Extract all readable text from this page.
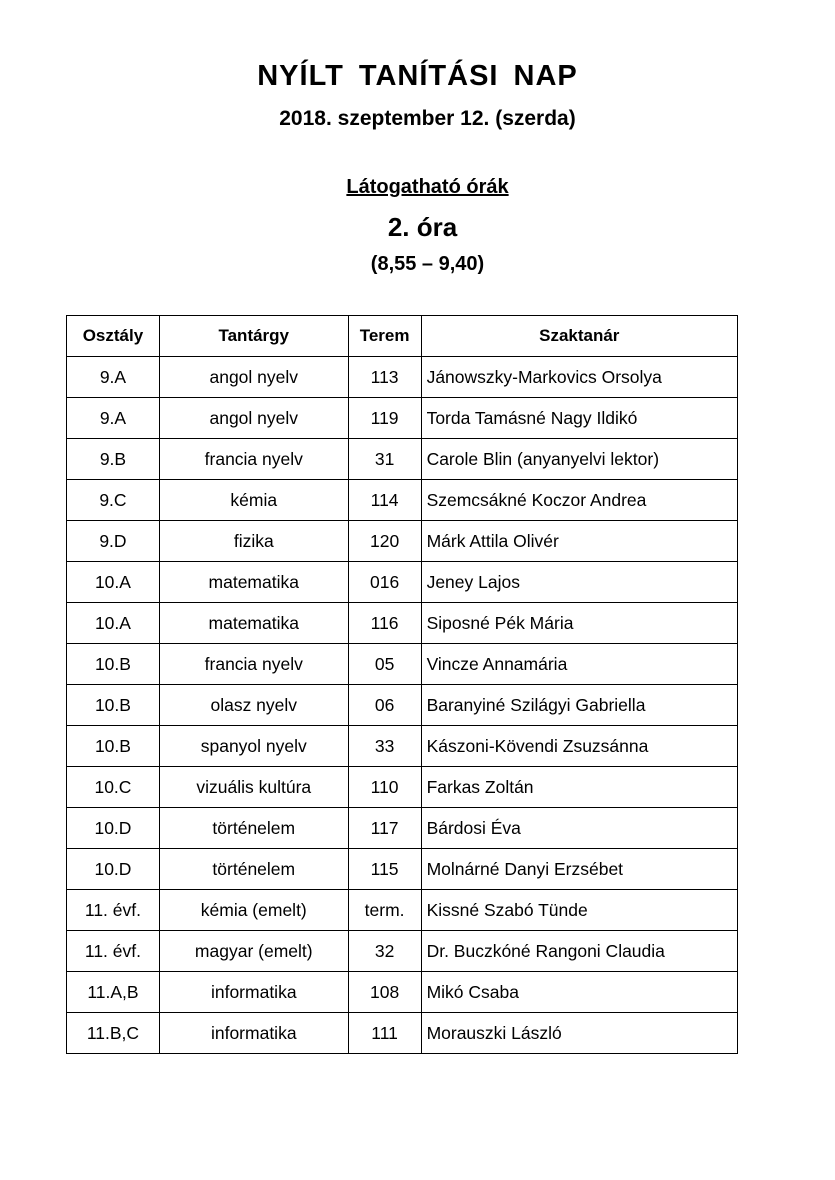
NYÍLT TANÍTÁSI NAP
2018. szeptember 12. (szerda)
Látogatható órák
2. óra
(8,55 – 9,40)
Osztály	Tantárgy	Terem	Szaktanár
9.A	angol nyelv	113	Jánowszky-Markovics Orsolya
9.A	angol nyelv	119	Torda Tamásné Nagy Ildikó
9.B	francia nyelv	31	Carole Blin (anyanyelvi lektor)
9.C	kémia	114	Szemcsákné Koczor Andrea
9.D	fizika	120	Márk Attila Olivér
10.A	matematika	016	Jeney Lajos
10.A	matematika	116	Siposné Pék Mária
10.B	francia nyelv	05	Vincze Annamária
10.B	olasz nyelv	06	Baranyiné Szilágyi Gabriella
10.B	spanyol nyelv	33	Kászoni-Kövendi Zsuzsánna
10.C	vizuális kultúra	110	Farkas Zoltán
10.D	történelem	117	Bárdosi Éva
10.D	történelem	115	Molnárné Danyi Erzsébet
11. évf.	kémia (emelt)	term.	Kissné Szabó Tünde
11. évf.	magyar (emelt)	32	Dr. Buczkóné Rangoni Claudia
11.A,B	informatika	108	Mikó Csaba
11.B,C	informatika	111	Morauszki László
